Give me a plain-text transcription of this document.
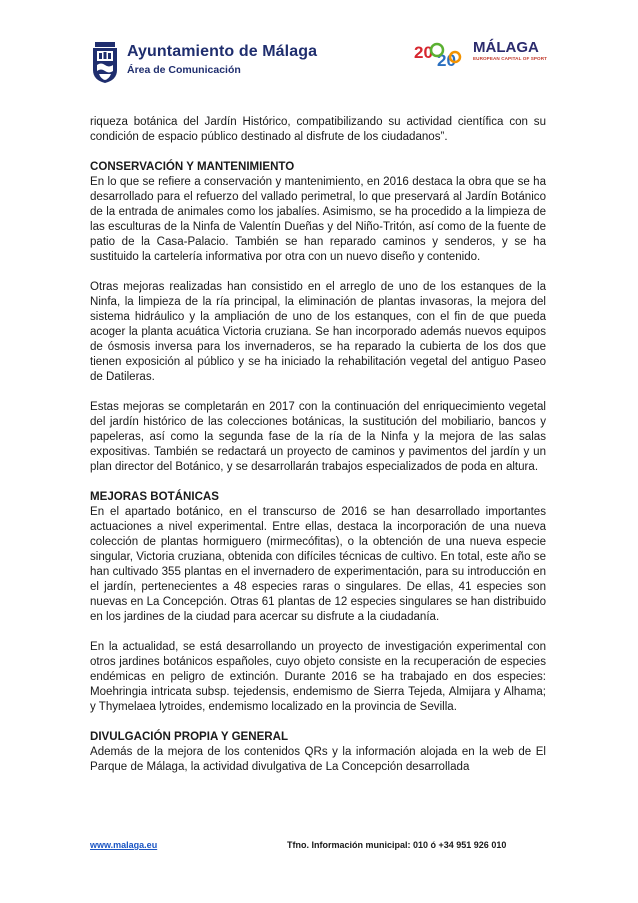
Ayuntamiento de Málaga
Área de Comunicación
20 20
MÁLAGA
EUROPEAN CAPITAL OF SPORT

riqueza botánica del Jardín Histórico, compatibilizando su actividad científica con su condición de espacio público destinado al disfrute de los ciudadanos”.

CONSERVACIÓN Y MANTENIMIENTO

En lo que se refiere a conservación y mantenimiento, en 2016 destaca la obra que se ha desarrollado para el refuerzo del vallado perimetral, lo que preservará al Jardín Botánico de la entrada de animales como los jabalíes. Asimismo, se ha procedido a la limpieza de las esculturas de la Ninfa de Valentín Dueñas y del Niño-Tritón, así como de la fuente de patio de la Casa-Palacio. También se han reparado caminos y senderos, y se ha sustituido la cartelería informativa por otra con un nuevo diseño y contenido.

Otras mejoras realizadas han consistido en el arreglo de uno de los estanques de la Ninfa, la limpieza de la ría principal, la eliminación de plantas invasoras, la mejora del sistema hidráulico y la ampliación de uno de los estanques, con el fin de que pueda acoger la planta acuática Victoria cruziana. Se han incorporado además nuevos equipos de ósmosis inversa para los invernaderos, se ha reparado la cubierta de los dos que tienen exposición al público y se ha iniciado la rehabilitación vegetal del antiguo Paseo de Datileras.

Estas mejoras se completarán en 2017 con la continuación del enriquecimiento vegetal del jardín histórico de las colecciones botánicas, la sustitución del mobiliario, bancos y papeleras, así como la segunda fase de la ría de la Ninfa y la mejora de las salas expositivas. También se redactará un proyecto de caminos y pavimentos del jardín y un plan director del Botánico, y se desarrollarán trabajos especializados de poda en altura.

MEJORAS BOTÁNICAS

En el apartado botánico, en el transcurso de 2016 se han desarrollado importantes actuaciones a nivel experimental. Entre ellas, destaca la incorporación de una nueva colección de plantas hormiguero (mirmecófitas), o la obtención de una nueva especie singular, Victoria cruziana, obtenida con difíciles técnicas de cultivo. En total, este año se han cultivado 355 plantas en el invernadero de experimentación, para su introducción en el jardín, pertenecientes a 48 especies raras o singulares. De ellas, 41 especies son nuevas en La Concepción. Otras 61 plantas de 12 especies singulares se han distribuido en los jardines de la ciudad para acercar su disfrute a la ciudadanía.

En la actualidad, se está desarrollando un proyecto de investigación experimental con otros jardines botánicos españoles, cuyo objeto consiste en la recuperación de especies endémicas en peligro de extinción. Durante 2016 se ha trabajado en dos especies: Moehringia intricata subsp. tejedensis, endemismo de Sierra Tejeda, Almijara y Alhama; y Thymelaea lytroides, endemismo localizado en la provincia de Sevilla.

DIVULGACIÓN PROPIA Y GENERAL

Además de la mejora de los contenidos QRs y la información alojada en la web de El Parque de Málaga, la actividad divulgativa de La Concepción desarrollada

www.malaga.eu	Tfno. Información municipal: 010 ó +34 951 926 010
